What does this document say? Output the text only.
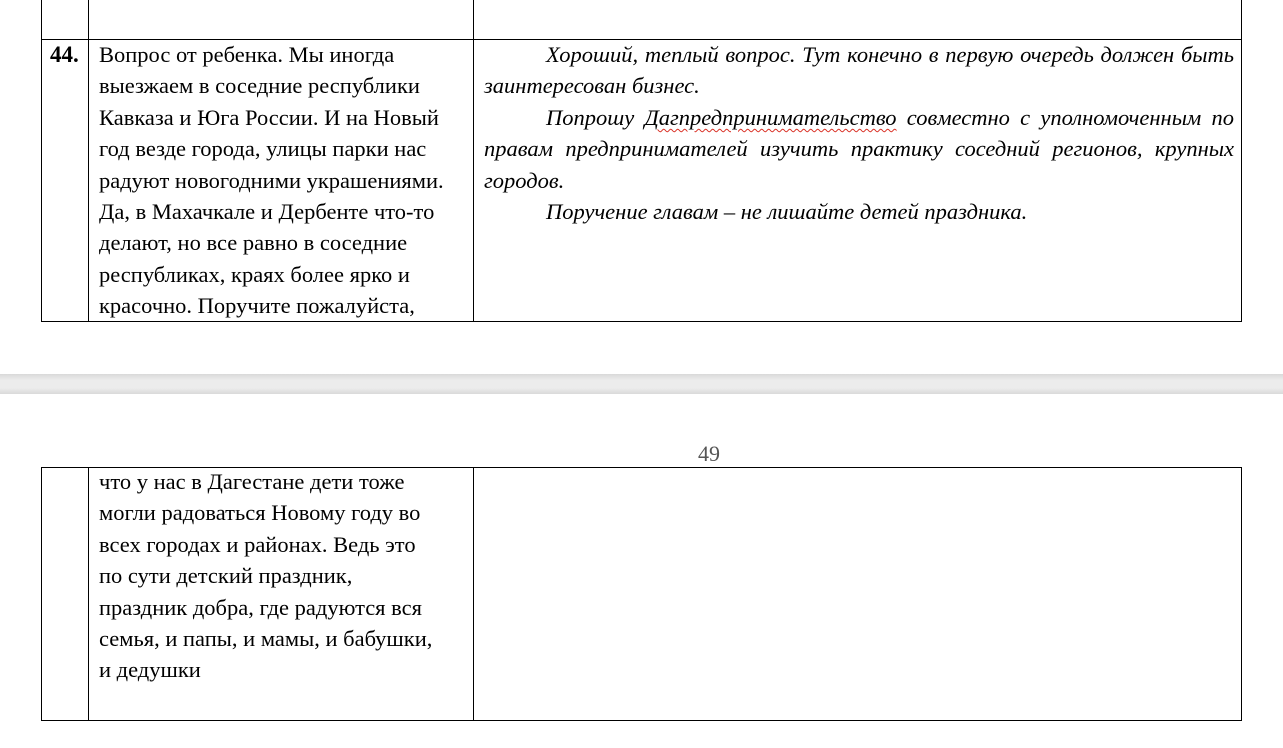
44. Вопрос от ребенка. Мы иногда
выезжаем в соседние республики
Кавказа и Юга России. И на Новый
год везде города, улицы парки нас
радуют новогодними украшениями.
Да, в Махачкале и Дербенте что-то
делают, но все равно в соседние
республиках, краях более ярко и
красочно. Поручите пожалуйста,

Хороший, теплый вопрос. Тут конечно в первую очередь должен быть заинтересован бизнес.

Попрошу Дагпредпринимательство совместно с уполномоченным по правам предпринимателей изучить практику соседний регионов, крупных городов.

Поручение главам – не лишайте детей праздника.

49
что у нас в Дагестане дети тоже
могли радоваться Новому году во
всех городах и районах. Ведь это
по сути детский праздник,
праздник добра, где радуются вся
семья, и папы, и мамы, и бабушки,
и дедушки
